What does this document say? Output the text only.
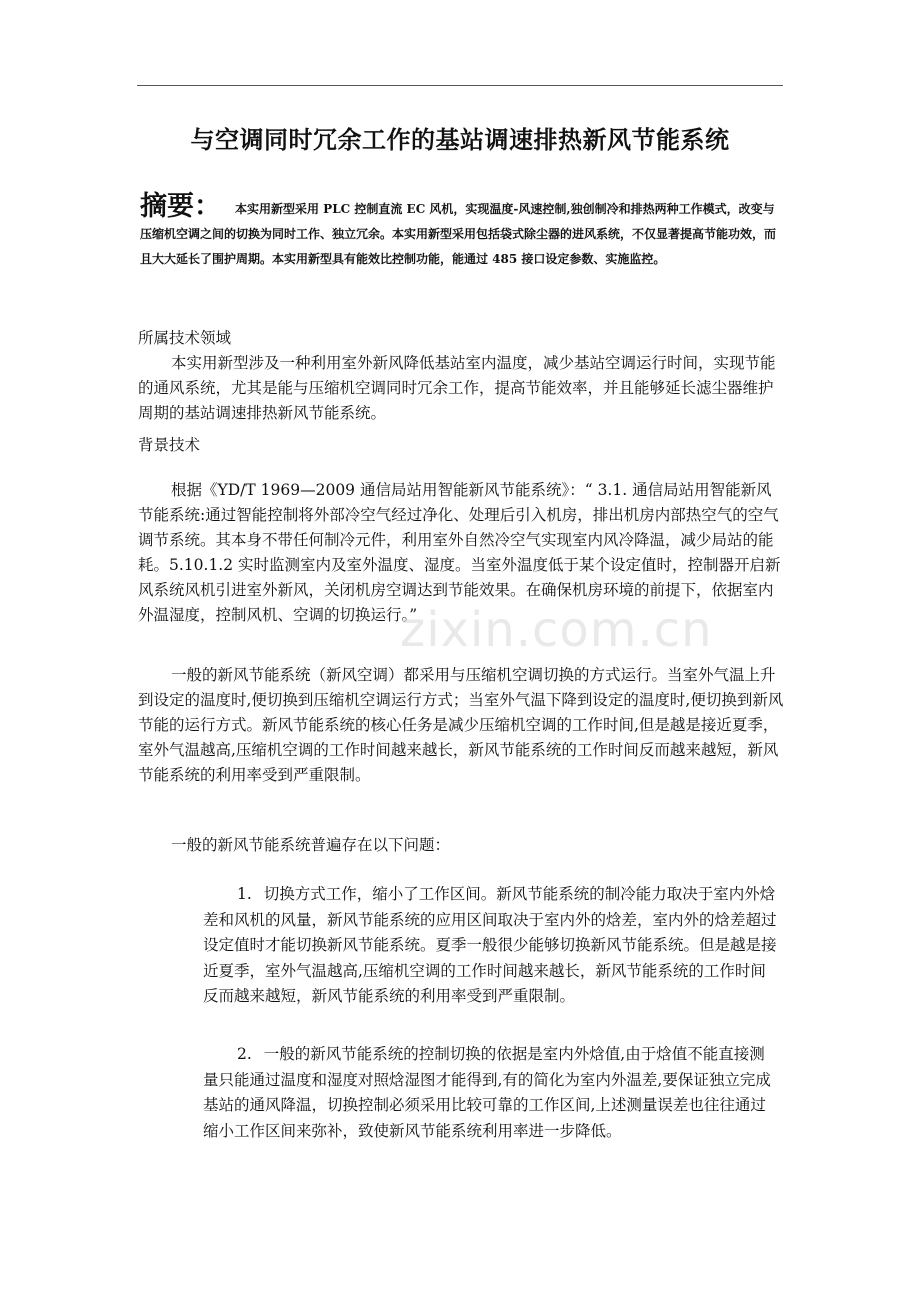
与空调同时冗余工作的基站调速排热新风节能系统

摘要： 本实用新型采用 PLC 控制直流 EC 风机，实现温度-风速控制,独创制冷和排热两种工作模式，改变与压缩机空调之间的切换为同时工作、独立冗余。本实用新型采用包括袋式除尘器的进风系统，不仅显著提高节能功效，而且大大延长了围护周期。本实用新型具有能效比控制功能，能通过 485 接口设定参数、实施监控。

所属技术领域

本实用新型涉及一种利用室外新风降低基站室内温度，减少基站空调运行时间，实现节能的通风系统，尤其是能与压缩机空调同时冗余工作，提高节能效率，并且能够延长滤尘器维护周期的基站调速排热新风节能系统。

背景技术

根据《YD/T 1969—2009 通信局站用智能新风节能系统》：“ 3.1. 通信局站用智能新风节能系统:通过智能控制将外部冷空气经过净化、处理后引入机房，排出机房内部热空气的空气调节系统。其本身不带任何制冷元件，利用室外自然冷空气实现室内风冷降温，减少局站的能耗。5.10.1.2 实时监测室内及室外温度、湿度。当室外温度低于某个设定值时，控制器开启新风系统风机引进室外新风，关闭机房空调达到节能效果。在确保机房环境的前提下，依据室内外温湿度，控制风机、空调的切换运行。”

一般的新风节能系统（新风空调）都采用与压缩机空调切换的方式运行。当室外气温上升到设定的温度时,便切换到压缩机空调运行方式；当室外气温下降到设定的温度时,便切换到新风节能的运行方式。新风节能系统的核心任务是减少压缩机空调的工作时间,但是越是接近夏季，室外气温越高,压缩机空调的工作时间越来越长，新风节能系统的工作时间反而越来越短，新风节能系统的利用率受到严重限制。

一般的新风节能系统普遍存在以下问题：

1. 切换方式工作，缩小了工作区间。新风节能系统的制冷能力取决于室内外焓差和风机的风量，新风节能系统的应用区间取决于室内外的焓差，室内外的焓差超过设定值时才能切换新风节能系统。夏季一般很少能够切换新风节能系统。但是越是接近夏季，室外气温越高,压缩机空调的工作时间越来越长，新风节能系统的工作时间反而越来越短，新风节能系统的利用率受到严重限制。
2. 一般的新风节能系统的控制切换的依据是室内外焓值,由于焓值不能直接测量只能通过温度和湿度对照焓湿图才能得到,有的简化为室内外温差,要保证独立完成基站的通风降温，切换控制必须采用比较可靠的工作区间,上述测量误差也往往通过缩小工作区间来弥补，致使新风节能系统利用率进一步降低。
zixin.com.cn
